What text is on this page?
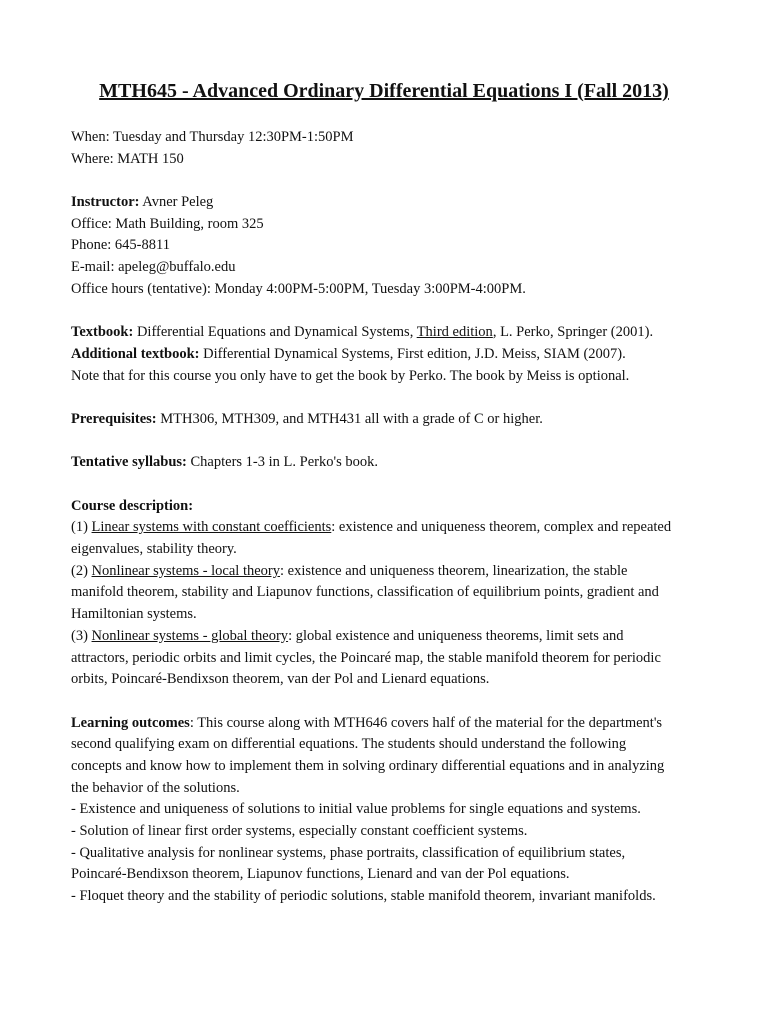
MTH645 - Advanced Ordinary Differential Equations I (Fall 2013)
When: Tuesday and Thursday 12:30PM-1:50PM
Where: MATH 150
Instructor: Avner Peleg
Office: Math Building, room 325
Phone: 645-8811
E-mail: apeleg@buffalo.edu
Office hours (tentative): Monday 4:00PM-5:00PM, Tuesday 3:00PM-4:00PM.
Textbook: Differential Equations and Dynamical Systems, Third edition, L. Perko, Springer (2001).
Additional textbook: Differential Dynamical Systems, First edition, J.D. Meiss, SIAM (2007).
Note that for this course you only have to get the book by Perko. The book by Meiss is optional.
Prerequisites: MTH306, MTH309, and MTH431 all with a grade of C or higher.
Tentative syllabus: Chapters 1-3 in L. Perko's book.
Course description:
(1) Linear systems with constant coefficients: existence and uniqueness theorem, complex and repeated
eigenvalues, stability theory.
(2) Nonlinear systems - local theory: existence and uniqueness theorem, linearization, the stable
manifold theorem, stability and Liapunov functions, classification of equilibrium points, gradient and
Hamiltonian systems.
(3) Nonlinear systems - global theory: global existence and uniqueness theorems, limit sets and
attractors, periodic orbits and limit cycles, the Poincaré map, the stable manifold theorem for periodic
orbits, Poincaré-Bendixson theorem, van der Pol and Lienard equations.
Learning outcomes: This course along with MTH646 covers half of the material for the department's
second qualifying exam on differential equations. The students should understand the following
concepts and know how to implement them in solving ordinary differential equations and in analyzing
the behavior of the solutions.
- Existence and uniqueness of solutions to initial value problems for single equations and systems.
- Solution of linear first order systems, especially constant coefficient systems.
- Qualitative analysis for nonlinear systems, phase portraits, classification of equilibrium states,
Poincaré-Bendixson theorem, Liapunov functions, Lienard and van der Pol equations.
- Floquet theory and the stability of periodic solutions, stable manifold theorem, invariant manifolds.
